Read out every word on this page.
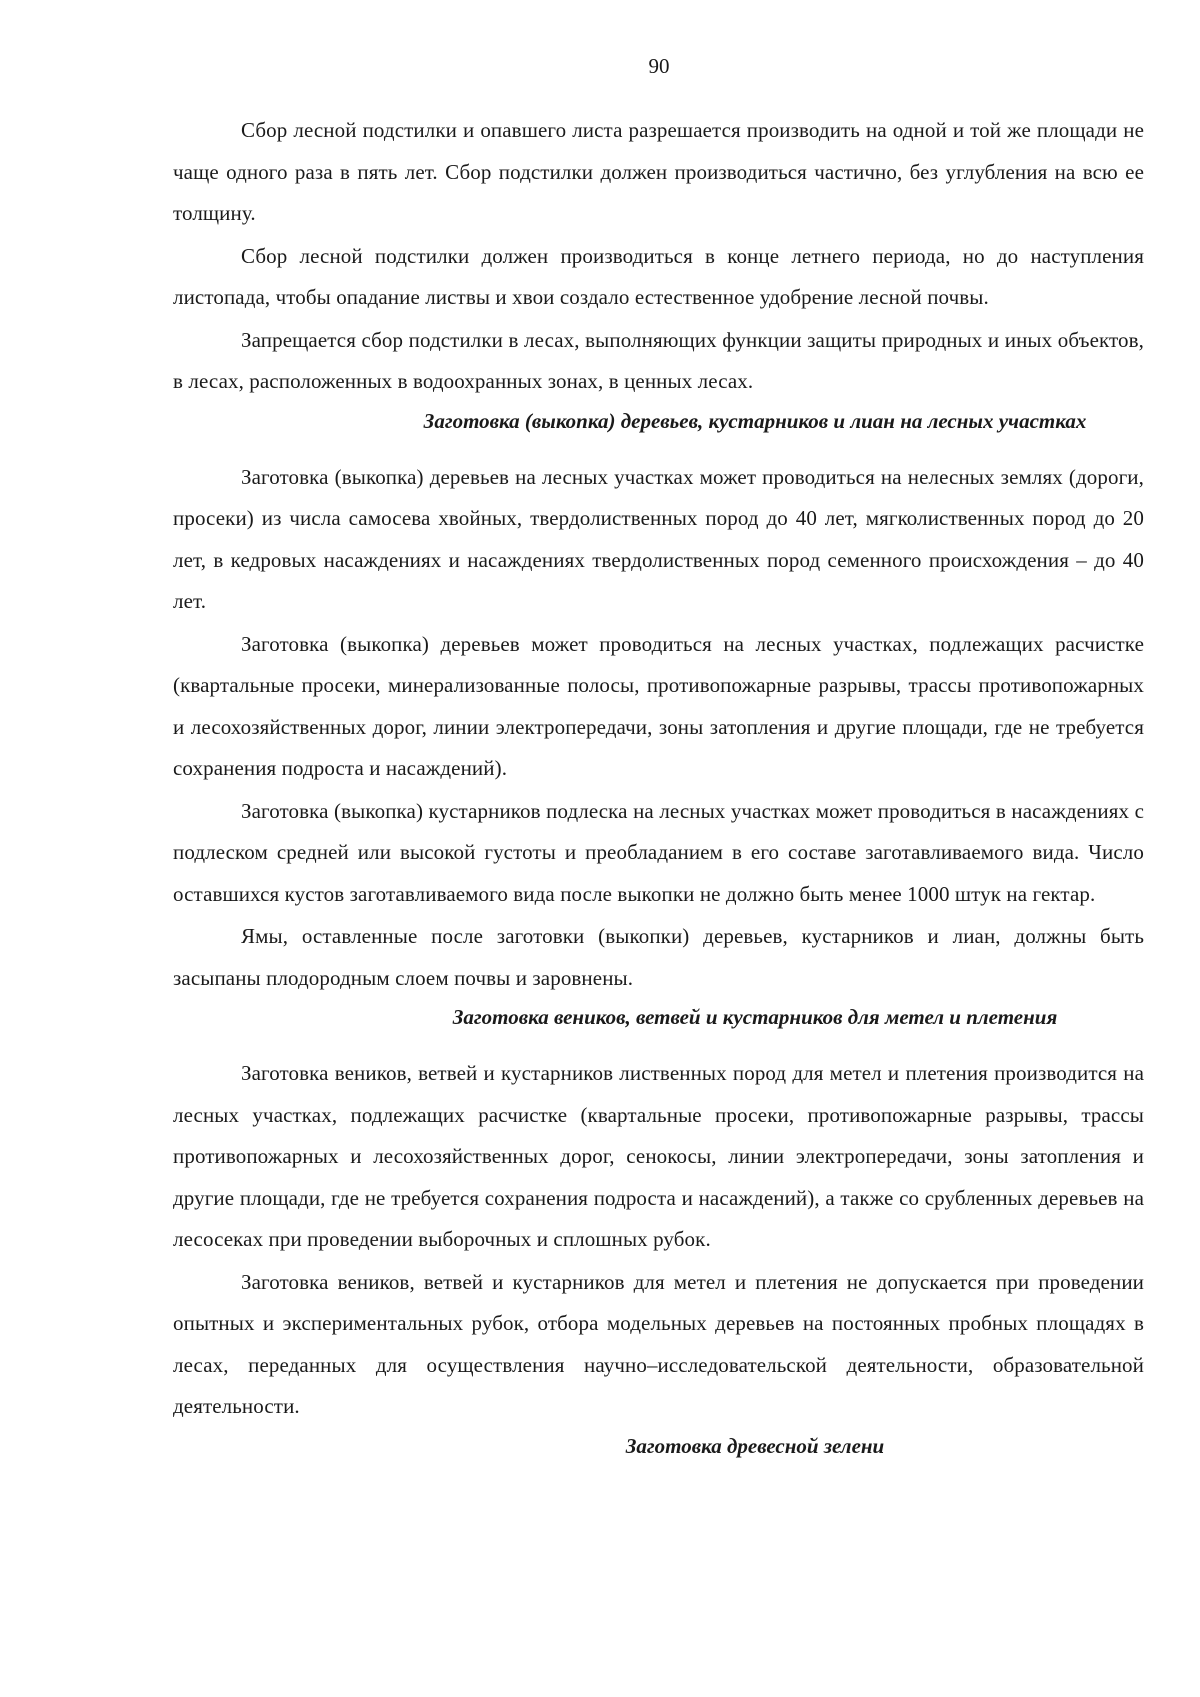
90

Сбор лесной подстилки и опавшего листа разрешается производить на одной и той же площади не чаще одного раза в пять лет. Сбор подстилки должен производиться частично, без углубления на всю ее толщину.

Сбор лесной подстилки должен производиться в конце летнего периода, но до наступления листопада, чтобы опадание листвы и хвои создало естественное удобрение лесной почвы.

Запрещается сбор подстилки в лесах, выполняющих функции защиты природных и иных объектов, в лесах, расположенных в водоохранных зонах, в ценных лесах.

Заготовка (выкопка) деревьев, кустарников и лиан на лесных участках

Заготовка (выкопка) деревьев на лесных участках может проводиться на нелесных землях (дороги, просеки) из числа самосева хвойных, твердолиственных пород до 40 лет, мягколиственных пород до 20 лет, в кедровых насаждениях и насаждениях твердолиственных пород семенного происхождения – до 40 лет.

Заготовка (выкопка) деревьев может проводиться на лесных участках, подлежащих расчистке (квартальные просеки, минерализованные полосы, противопожарные разрывы, трассы противопожарных и лесохозяйственных дорог, линии электропередачи, зоны затопления и другие площади, где не требуется сохранения подроста и насаждений).

Заготовка (выкопка) кустарников подлеска на лесных участках может проводиться в насаждениях с подлеском средней или высокой густоты и преобладанием в его составе заготавливаемого вида. Число оставшихся кустов заготавливаемого вида после выкопки не должно быть менее 1000 штук на гектар.

Ямы, оставленные после заготовки (выкопки) деревьев, кустарников и лиан, должны быть засыпаны плодородным слоем почвы и заровнены.

Заготовка веников, ветвей и кустарников для метел и плетения

Заготовка веников, ветвей и кустарников лиственных пород для метел и плетения производится на лесных участках, подлежащих расчистке (квартальные просеки, противопожарные разрывы, трассы противопожарных и лесохозяйственных дорог, сенокосы, линии электропередачи, зоны затопления и другие площади, где не требуется сохранения подроста и насаждений), а также со срубленных деревьев на лесосеках при проведении выборочных и сплошных рубок.

Заготовка веников, ветвей и кустарников для метел и плетения не допускается при проведении опытных и экспериментальных рубок, отбора модельных деревьев на постоянных пробных площадях в лесах, переданных для осуществления научно–исследовательской деятельности, образовательной деятельности.

Заготовка древесной зелени
